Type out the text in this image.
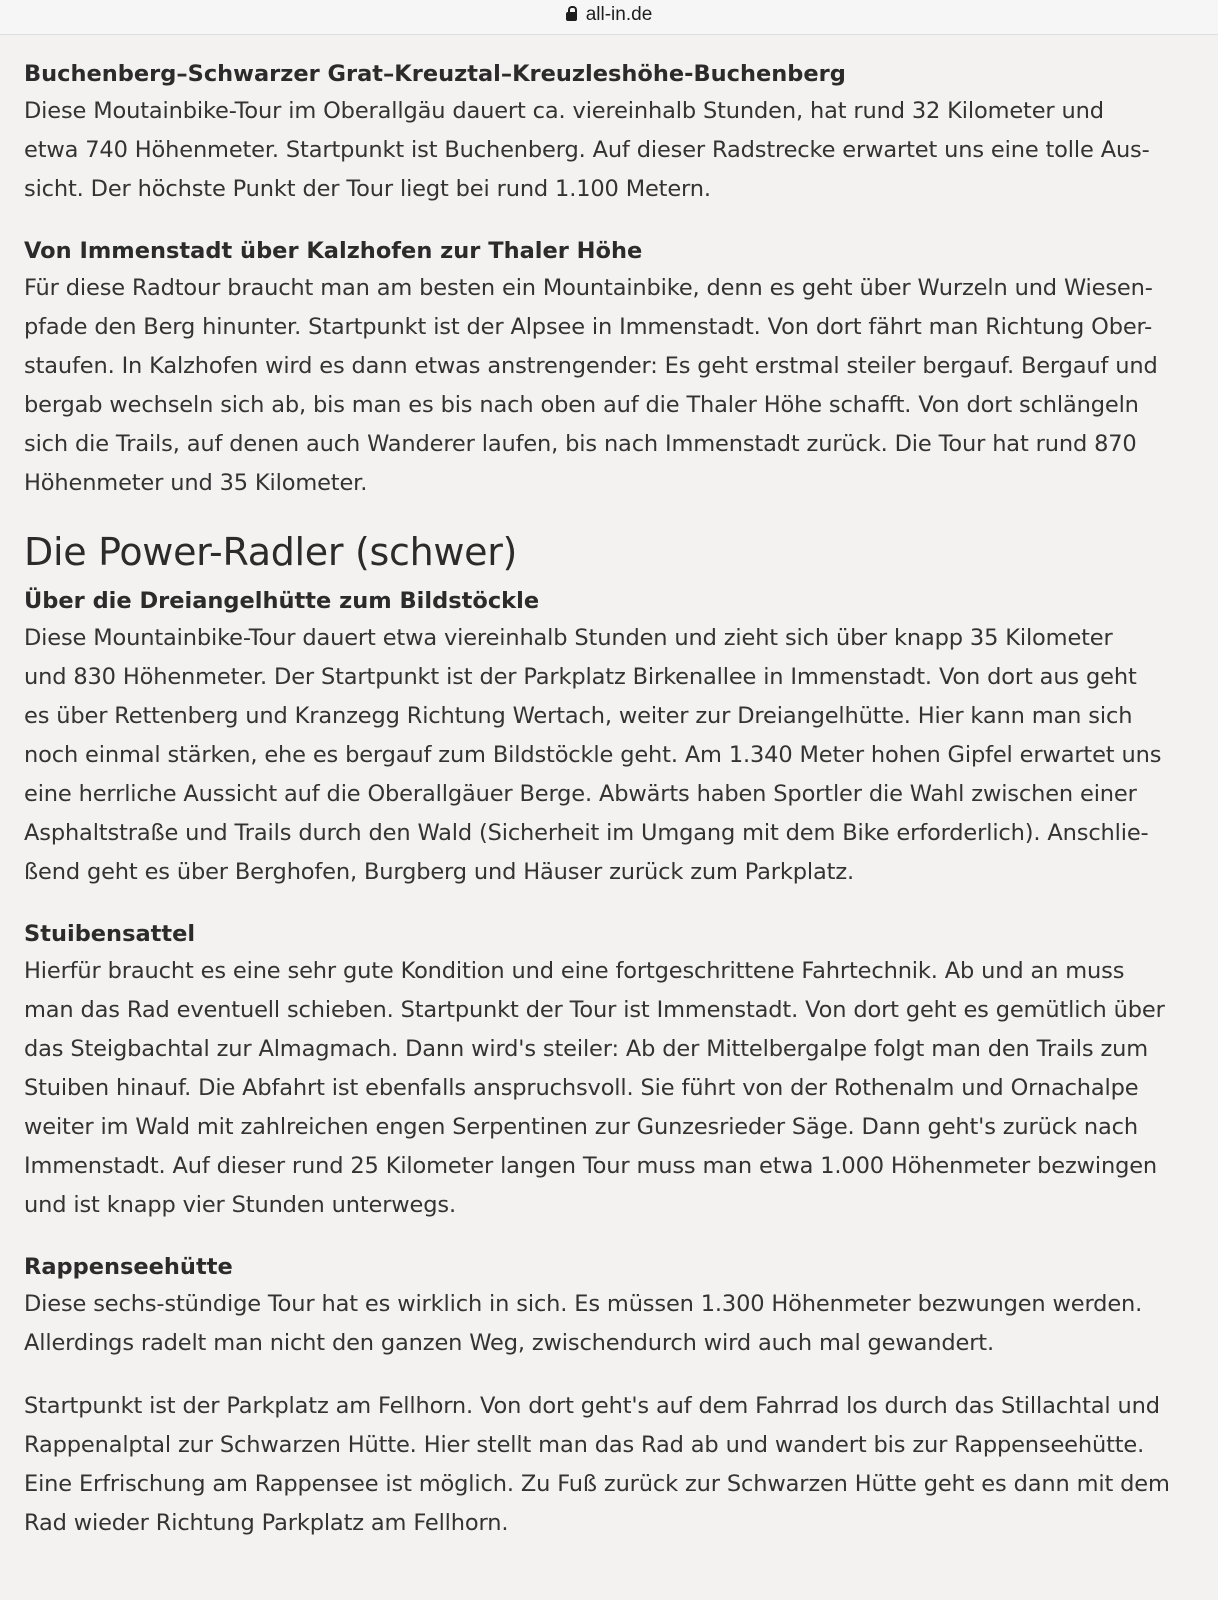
all-in.de
Buchenberg–Schwarzer Grat–Kreuztal–Kreuzleshöhe-Buchenberg

Diese Moutainbike-Tour im Oberallgäu dauert ca. viereinhalb Stunden, hat rund 32 Kilometer und
etwa 740 Höhenmeter. Startpunkt ist Buchenberg. Auf dieser Radstrecke erwartet uns eine tolle Aus-
sicht. Der höchste Punkt der Tour liegt bei rund 1.100 Metern.

Von Immenstadt über Kalzhofen zur Thaler Höhe

Für diese Radtour braucht man am besten ein Mountainbike, denn es geht über Wurzeln und Wiesen-
pfade den Berg hinunter. Startpunkt ist der Alpsee in Immenstadt. Von dort fährt man Richtung Ober-
staufen. In Kalzhofen wird es dann etwas anstrengender: Es geht erstmal steiler bergauf. Bergauf und
bergab wechseln sich ab, bis man es bis nach oben auf die Thaler Höhe schafft. Von dort schlängeln
sich die Trails, auf denen auch Wanderer laufen, bis nach Immenstadt zurück. Die Tour hat rund 870
Höhenmeter und 35 Kilometer.

Die Power-Radler (schwer)
Über die Dreiangelhütte zum Bildstöckle

Diese Mountainbike-Tour dauert etwa viereinhalb Stunden und zieht sich über knapp 35 Kilometer
und 830 Höhenmeter. Der Startpunkt ist der Parkplatz Birkenallee in Immenstadt. Von dort aus geht
es über Rettenberg und Kranzegg Richtung Wertach, weiter zur Dreiangelhütte. Hier kann man sich
noch einmal stärken, ehe es bergauf zum Bildstöckle geht. Am 1.340 Meter hohen Gipfel erwartet uns
eine herrliche Aussicht auf die Oberallgäuer Berge. Abwärts haben Sportler die Wahl zwischen einer
Asphaltstraße und Trails durch den Wald (Sicherheit im Umgang mit dem Bike erforderlich). Anschlie-
ßend geht es über Berghofen, Burgberg und Häuser zurück zum Parkplatz.

Stuibensattel

Hierfür braucht es eine sehr gute Kondition und eine fortgeschrittene Fahrtechnik. Ab und an muss
man das Rad eventuell schieben. Startpunkt der Tour ist Immenstadt. Von dort geht es gemütlich über
das Steigbachtal zur Almagmach. Dann wird's steiler: Ab der Mittelbergalpe folgt man den Trails zum
Stuiben hinauf. Die Abfahrt ist ebenfalls anspruchsvoll. Sie führt von der Rothenalm und Ornachalpe
weiter im Wald mit zahlreichen engen Serpentinen zur Gunzesrieder Säge. Dann geht's zurück nach
Immenstadt. Auf dieser rund 25 Kilometer langen Tour muss man etwa 1.000 Höhenmeter bezwingen
und ist knapp vier Stunden unterwegs.

Rappenseehütte

Diese sechs-stündige Tour hat es wirklich in sich. Es müssen 1.300 Höhenmeter bezwungen werden.
Allerdings radelt man nicht den ganzen Weg, zwischendurch wird auch mal gewandert.

Startpunkt ist der Parkplatz am Fellhorn. Von dort geht's auf dem Fahrrad los durch das Stillachtal und
Rappenalptal zur Schwarzen Hütte. Hier stellt man das Rad ab und wandert bis zur Rappenseehütte.
Eine Erfrischung am Rappensee ist möglich. Zu Fuß zurück zur Schwarzen Hütte geht es dann mit dem
Rad wieder Richtung Parkplatz am Fellhorn.
